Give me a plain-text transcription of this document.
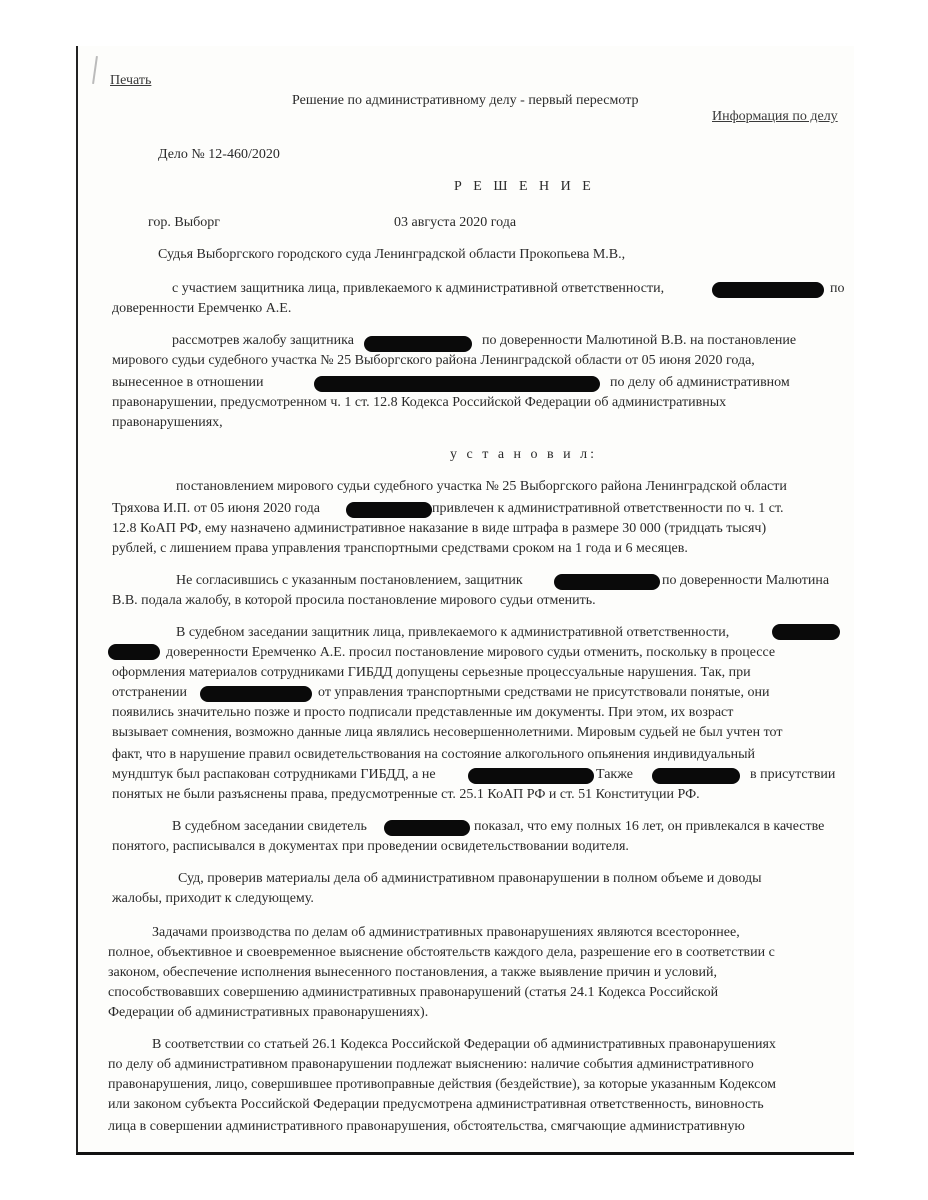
Печать
Решение по административному делу - первый пересмотр
Информация по делу
Дело № 12-460/2020
Р Е Ш Е Н И Е
гор. Выборг	03 августа 2020 года
Судья Выборгского городского суда Ленинградской области Прокопьева М.В.,
с участием защитника лица, привлекаемого к административной ответственности,	по
доверенности Еремченко А.Е.
рассмотрев жалобу защитника	по доверенности Малютиной В.В. на постановление
мирового судьи судебного участка № 25 Выборгского района Ленинградской области от 05 июня 2020 года,
вынесенное в отношении	по делу об административном
правонарушении, предусмотренном ч. 1 ст. 12.8 Кодекса Российской Федерации об административных
правонарушениях,
у с т а н о в и л:
постановлением мирового судьи судебного участка № 25 Выборгского района Ленинградской области
Тряхова И.П. от 05 июня 2020 года	привлечен к административной ответственности по ч. 1 ст.
12.8 КоАП РФ, ему назначено административное наказание в виде штрафа в размере 30 000 (тридцать тысяч)
рублей, с лишением права управления транспортными средствами сроком на 1 года и 6 месяцев.
Не согласившись с указанным постановлением, защитник	по доверенности Малютина
В.В. подала жалобу, в которой просила постановление мирового судьи отменить.
В судебном заседании защитник лица, привлекаемого к административной ответственности,
доверенности Еремченко А.Е. просил постановление мирового судьи отменить, поскольку в процессе
оформления материалов сотрудниками ГИБДД допущены серьезные процессуальные нарушения. Так, при
отстранении	от управления транспортными средствами не присутствовали понятые, они
появились значительно позже и просто подписали представленные им документы. При этом, их возраст
вызывает сомнения, возможно данные лица являлись несовершеннолетними. Мировым судьей не был учтен тот
факт, что в нарушение правил освидетельствования на состояние алкогольного опьянения индивидуальный
мундштук был распакован сотрудниками ГИБДД, а не	Также	в присутствии
понятых не были разъяснены права, предусмотренные ст. 25.1 КоАП РФ и ст. 51 Конституции РФ.
В судебном заседании свидетель	показал, что ему полных 16 лет, он привлекался в качестве
понятого, расписывался в документах при проведении освидетельствовании водителя.
Суд, проверив материалы дела об административном правонарушении в полном объеме и доводы
жалобы, приходит к следующему.
Задачами производства по делам об административных правонарушениях являются всестороннее,
полное, объективное и своевременное выяснение обстоятельств каждого дела, разрешение его в соответствии с
законом, обеспечение исполнения вынесенного постановления, а также выявление причин и условий,
способствовавших совершению административных правонарушений (статья 24.1 Кодекса Российской
Федерации об административных правонарушениях).
В соответствии со статьей 26.1 Кодекса Российской Федерации об административных правонарушениях
по делу об административном правонарушении подлежат выяснению: наличие события административного
правонарушения, лицо, совершившее противоправные действия (бездействие), за которые указанным Кодексом
или законом субъекта Российской Федерации предусмотрена административная ответственность, виновность
лица в совершении административного правонарушения, обстоятельства, смягчающие административную
